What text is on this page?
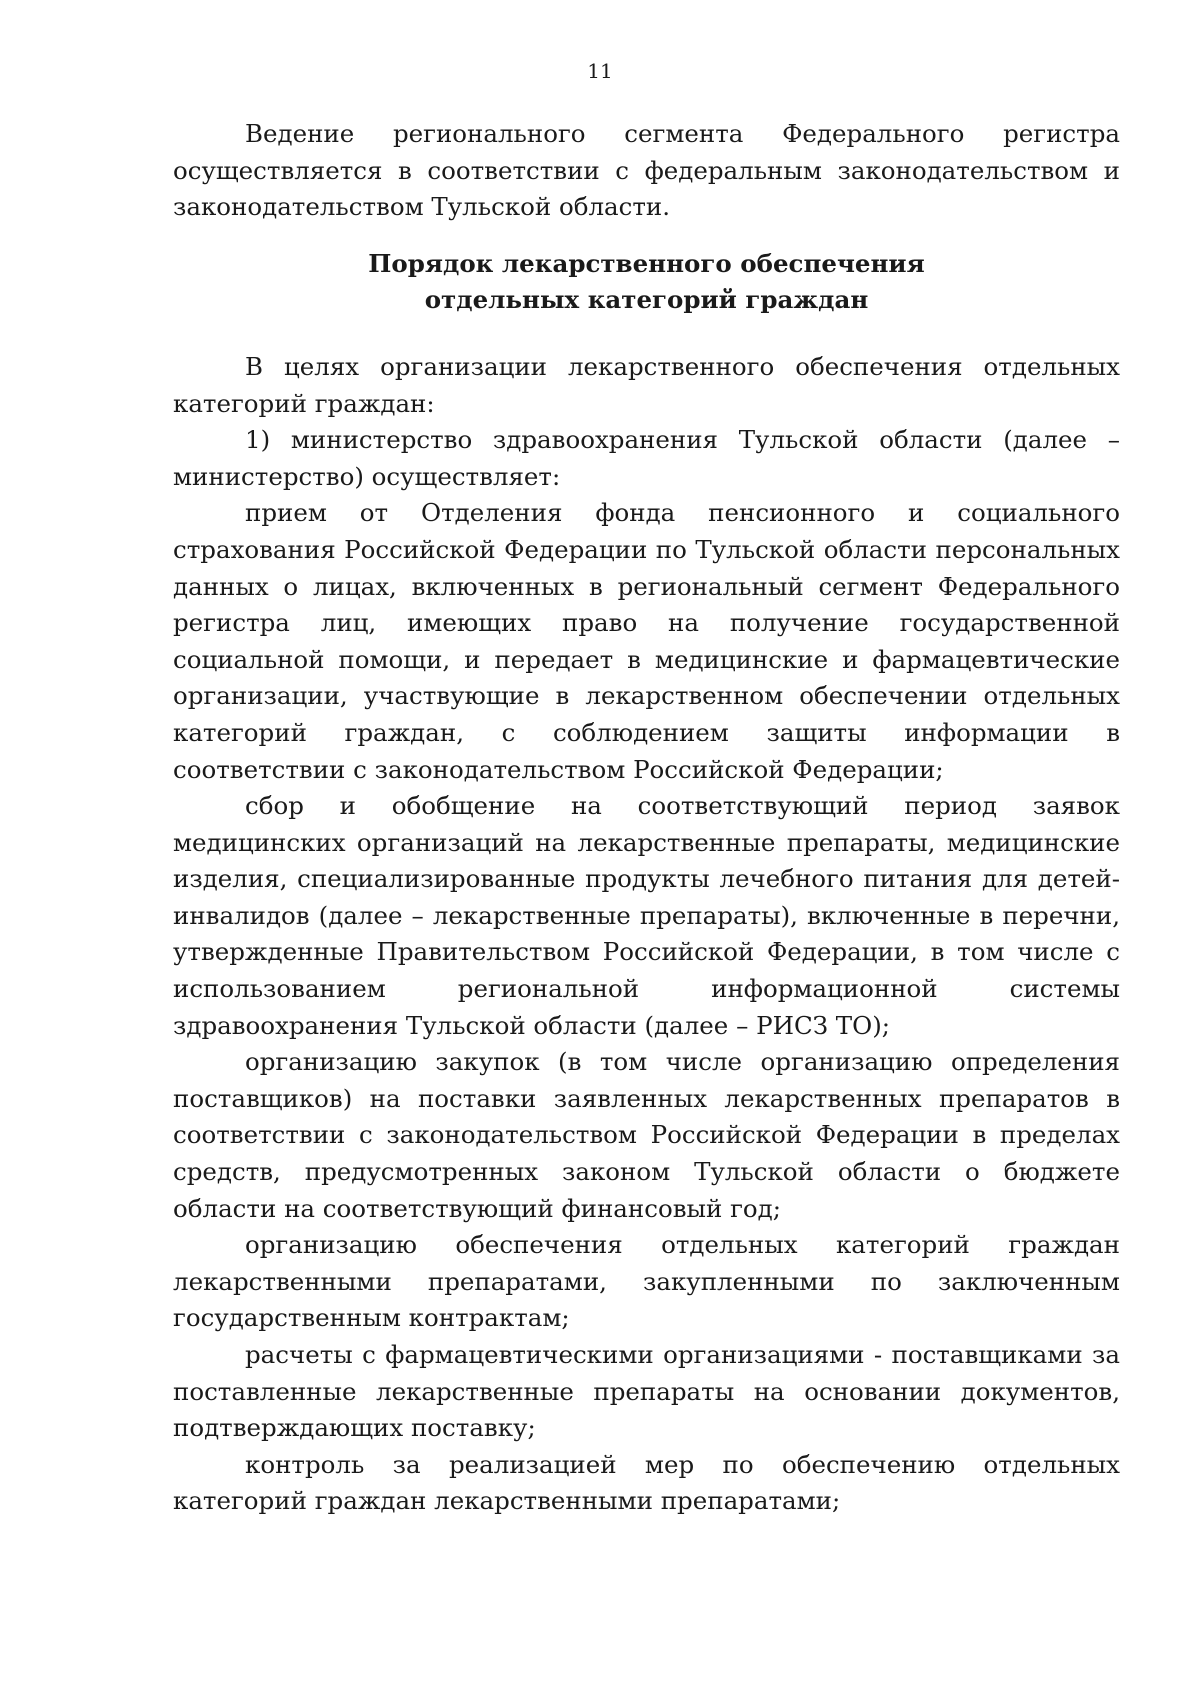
11

Ведение регионального сегмента Федерального регистра осуществляется в соответствии с федеральным законодательством и законодательством Тульской области.

Порядок лекарственного обеспечения
отдельных категорий граждан

В целях организации лекарственного обеспечения отдельных категорий граждан:

1) министерство здравоохранения Тульской области (далее – министерство) осуществляет:

прием от Отделения фонда пенсионного и социального страхования Российской Федерации по Тульской области персональных данных о лицах, включенных в региональный сегмент Федерального регистра лиц, имеющих право на получение государственной социальной помощи, и передает в медицинские и фармацевтические организации, участвующие в лекарственном обеспечении отдельных категорий граждан, с соблюдением защиты информации в соответствии с законодательством Российской Федерации;

сбор и обобщение на соответствующий период заявок медицинских организаций на лекарственные препараты, медицинские изделия, специализированные продукты лечебного питания для детей-инвалидов (далее – лекарственные препараты), включенные в перечни, утвержденные Правительством Российской Федерации, в том числе с использованием региональной информационной системы здравоохранения Тульской области (далее – РИСЗ ТО);

организацию закупок (в том числе организацию определения поставщиков) на поставки заявленных лекарственных препаратов в соответствии с законодательством Российской Федерации в пределах средств, предусмотренных законом Тульской области о бюджете области на соответствующий финансовый год;

организацию обеспечения отдельных категорий граждан лекарственными препаратами, закупленными по заключенным государственным контрактам;

расчеты с фармацевтическими организациями - поставщиками за поставленные лекарственные препараты на основании документов, подтверждающих поставку;

контроль за реализацией мер по обеспечению отдельных категорий граждан лекарственными препаратами;
